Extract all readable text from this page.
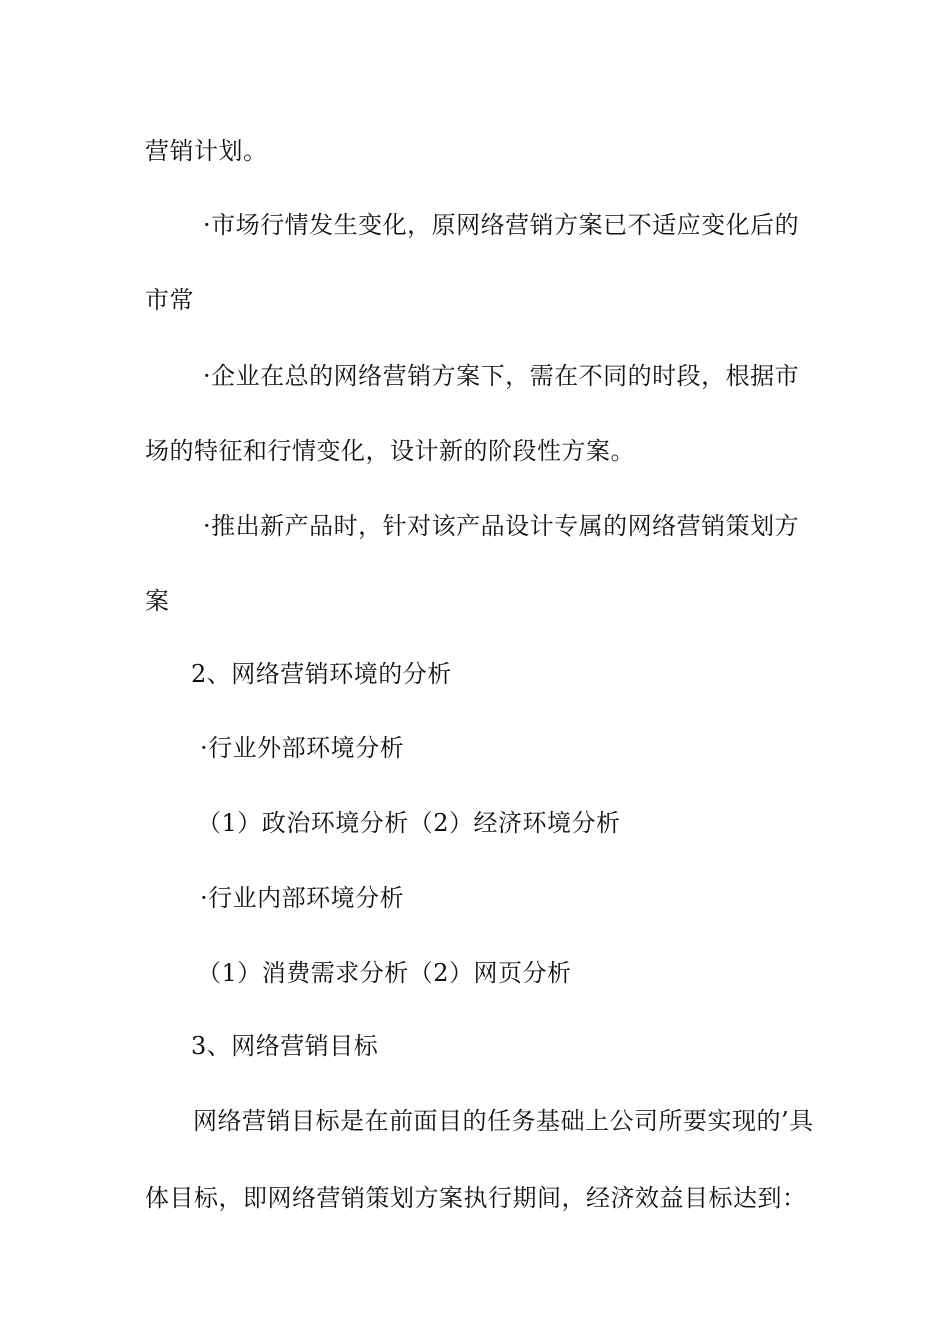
营销计划。
·市场行情发生变化，原网络营销方案已不适应变化后的
市常
·企业在总的网络营销方案下，需在不同的时段，根据市
场的特征和行情变化，设计新的阶段性方案。
·推出新产品时，针对该产品设计专属的网络营销策划方
案
2、网络营销环境的分析
·行业外部环境分析
（1）政治环境分析（2）经济环境分析
·行业内部环境分析
（1）消费需求分析（2）网页分析
3、网络营销目标
网络营销目标是在前面目的任务基础上公司所要实现的’具
体目标，即网络营销策划方案执行期间，经济效益目标达到：
